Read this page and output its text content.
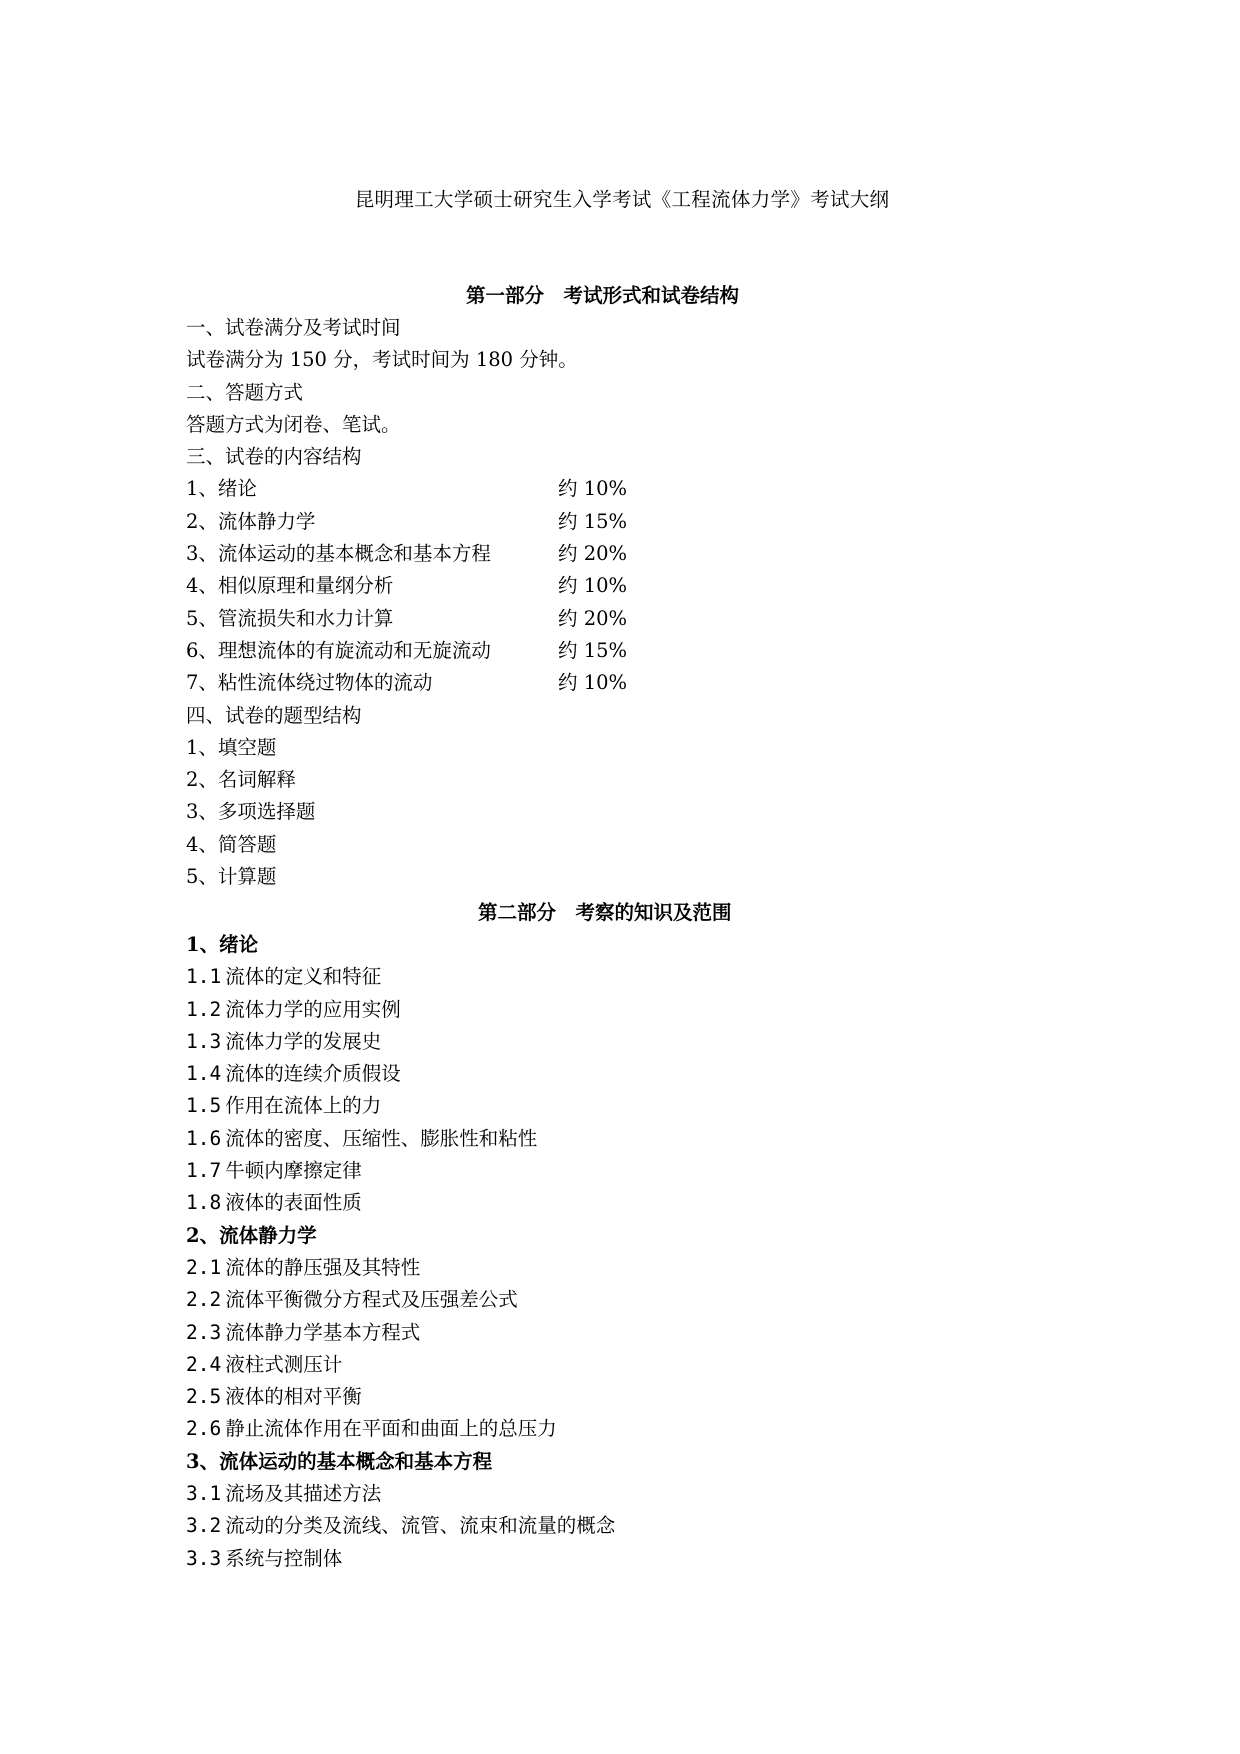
昆明理工大学硕士研究生入学考试《工程流体力学》考试大纲
第一部分　考试形式和试卷结构
一、试卷满分及考试时间
试卷满分为 150 分，考试时间为 180 分钟。
二、答题方式
答题方式为闭卷、笔试。
三、试卷的内容结构
1、绪论	约 10%
2、流体静力学	约 15%
3、流体运动的基本概念和基本方程	约 20%
4、相似原理和量纲分析	约 10%
5、管流损失和水力计算	约 20%
6、理想流体的有旋流动和无旋流动	约 15%
7、粘性流体绕过物体的流动	约 10%
四、试卷的题型结构
1、填空题
2、名词解释
3、多项选择题
4、简答题
5、计算题
第二部分　考察的知识及范围
1、绪论
1.1 流体的定义和特征
1.2 流体力学的应用实例
1.3 流体力学的发展史
1.4 流体的连续介质假设
1.5 作用在流体上的力
1.6 流体的密度、压缩性、膨胀性和粘性
1.7 牛顿内摩擦定律
1.8 液体的表面性质
2、流体静力学
2.1 流体的静压强及其特性
2.2 流体平衡微分方程式及压强差公式
2.3 流体静力学基本方程式
2.4 液柱式测压计
2.5 液体的相对平衡
2.6 静止流体作用在平面和曲面上的总压力
3、流体运动的基本概念和基本方程
3.1 流场及其描述方法
3.2 流动的分类及流线、流管、流束和流量的概念
3.3 系统与控制体
